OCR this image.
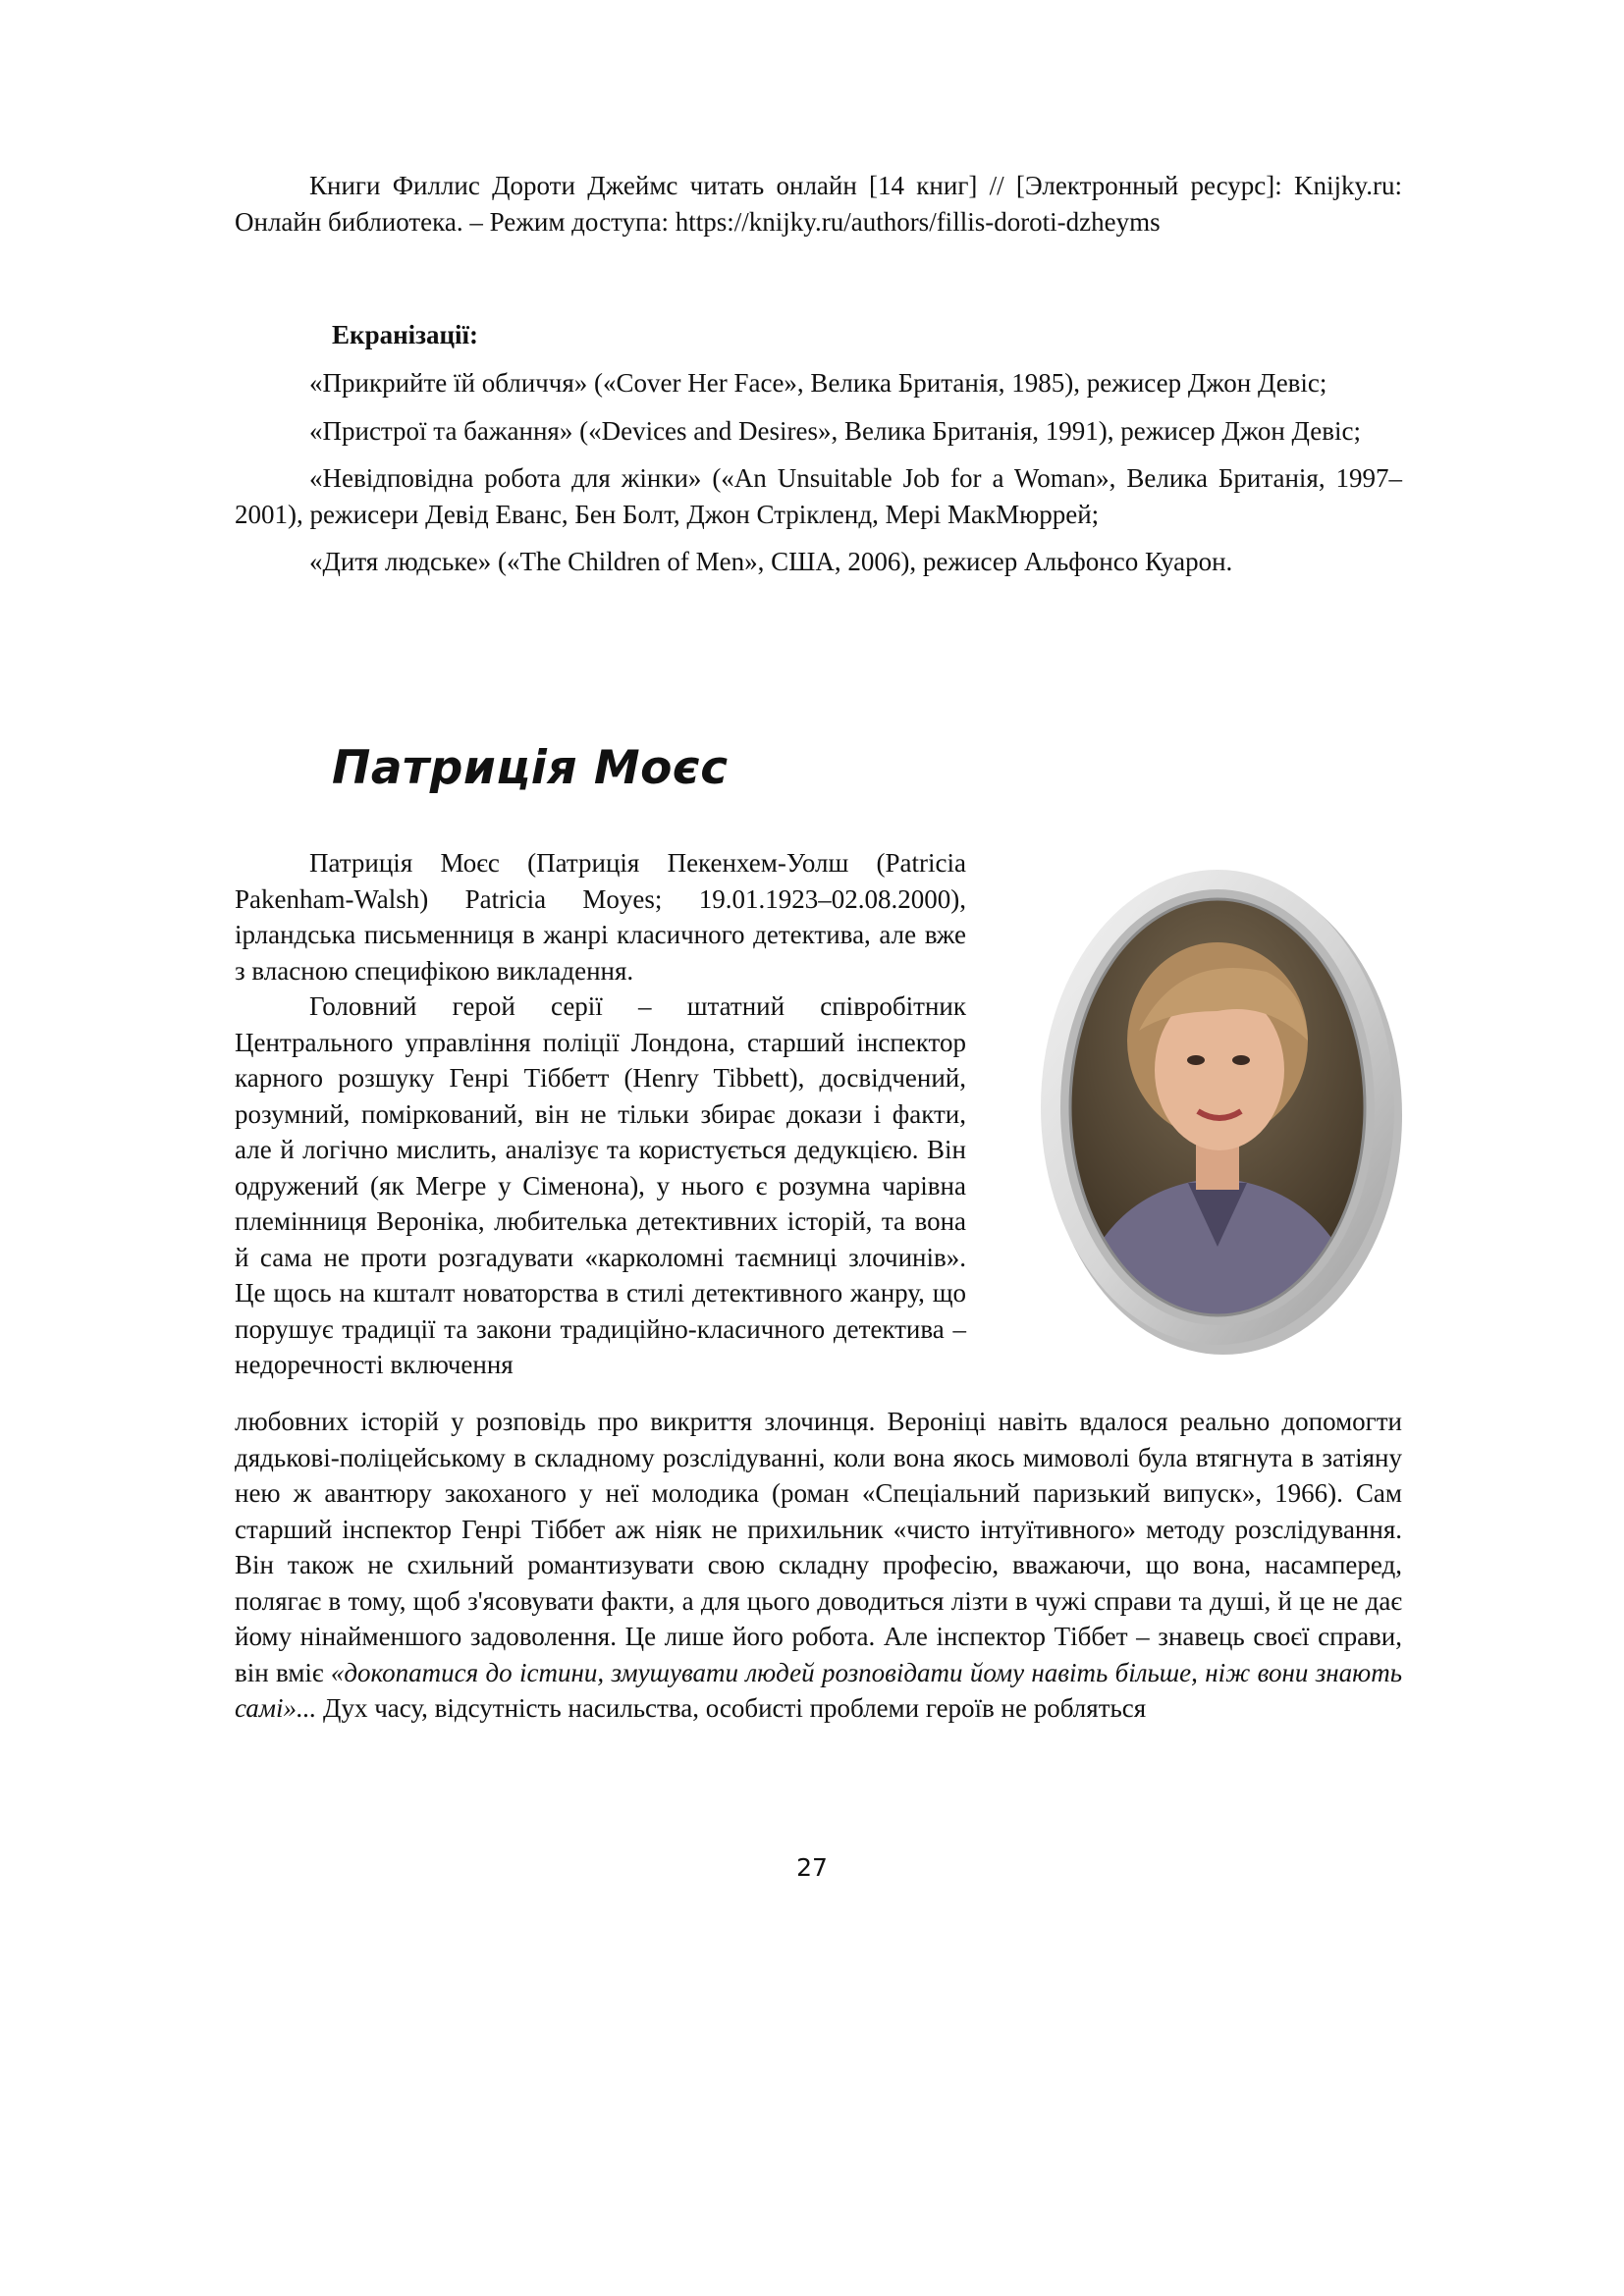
Книги Филлис Дороти Джеймс читать онлайн [14 книг] // [Электронный ресурс]: Knijky.ru: Онлайн библиотека. – Режим доступа: https://knijky.ru/authors/fillis-doroti-dzheyms

Екранізації:

«Прикрийте їй обличчя» («Cover Her Face», Велика Британія, 1985), режисер Джон Девіс;

«Пристрої та бажання» («Devices and Desires», Велика Британія, 1991), режисер Джон Девіс;

«Невідповідна робота для жінки» («An Unsuitable Job for a Woman», Велика Британія, 1997–2001), режисери Девід Еванс, Бен Болт, Джон Стрікленд, Мері МакМюррей;

«Дитя людське» («The Children of Men», США, 2006), режисер Альфонсо Куарон.

Патриція Моєс

Патриція Моєс (Патриція Пекенхем-Уолш (Patricia Pakenham-Walsh) Patricia Moyes; 19.01.1923–02.08.2000), ірландська письменниця в жанрі класичного детектива, але вже з власною специфікою викладення.

Головний герой серії – штатний співробітник Центрального управління поліції Лондона, старший інспектор карного розшуку Генрі Тіббетт (Henry Tibbett), досвідчений, розумний, поміркований, він не тільки збирає докази і факти, але й логічно мислить, аналізує та користується дедукцією. Він одружений (як Мегре у Сіменона), у нього є розумна чарівна племінниця Вероніка, любителька детективних історій, та вона й сама не проти розгадувати «карколомні таємниці злочинів». Це щось на кшталт новаторства в стилі детективного жанру, що порушує традиції та закони традиційно-класичного детектива – недоречності включення

любовних історій у розповідь про викриття злочинця. Вероніці навіть вдалося реально допомогти дядькові-поліцейському в складному розслідуванні, коли вона якось мимоволі була втягнута в затіяну нею ж авантюру закоханого у неї молодика (роман «Спеціальний паризький випуск», 1966). Сам старший інспектор Генрі Тіббет аж ніяк не прихильник «чисто інтуїтивного» методу розслідування. Він також не схильний романтизувати свою складну професію, вважаючи, що вона, насамперед, полягає в тому, щоб з'ясовувати факти, а для цього доводиться лізти в чужі справи та душі, й це не дає йому нінайменшого задоволення. Це лише його робота. Але інспектор Тіббет – знавець своєї справи, він вміє «докопатися до істини, змушувати людей розповідати йому навіть більше, ніж вони знають самі»... Дух часу, відсутність насильства, особисті проблеми героїв не робляться

27
